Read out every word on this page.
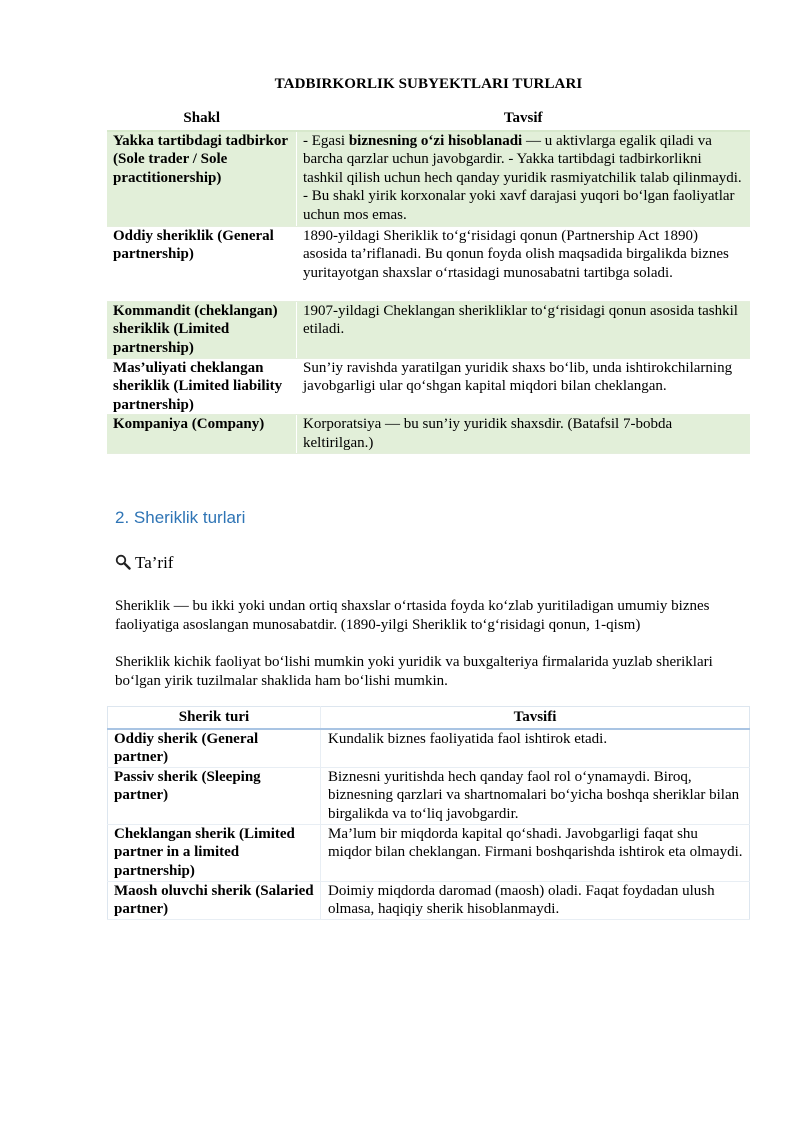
TADBIRKORLIK SUBYEKTLARI TURLARI
Shakl	Tavsif
Yakka tartibdagi tadbirkor (Sole trader / Sole practitionership)	- Egasi biznesning o‘zi hisoblanadi — u aktivlarga egalik qiladi va barcha qarzlar uchun javobgardir. - Yakka tartibdagi tadbirkorlikni tashkil qilish uchun hech qanday yuridik rasmiyatchilik talab qilinmaydi. - Bu shakl yirik korxonalar yoki xavf darajasi yuqori bo‘lgan faoliyatlar uchun mos emas.
Oddiy sheriklik (General partnership)	1890-yildagi Sheriklik to‘g‘risidagi qonun (Partnership Act 1890) asosida ta’riflanadi. Bu qonun foyda olish maqsadida birgalikda biznes yuritayotgan shaxslar o‘rtasidagi munosabatni tartibga soladi.
Kommandit (cheklangan) sheriklik (Limited partnership)	1907-yildagi Cheklangan sherikliklar to‘g‘risidagi qonun asosida tashkil etiladi.
Mas’uliyati cheklangan sheriklik (Limited liability partnership)	Sun’iy ravishda yaratilgan yuridik shaxs bo‘lib, unda ishtirokchilarning javobgarligi ular qo‘shgan kapital miqdori bilan cheklangan.
Kompaniya (Company)	Korporatsiya — bu sun’iy yuridik shaxsdir. (Batafsil 7-bobda keltirilgan.)
2. Sheriklik turlari
Ta’rif
Sheriklik — bu ikki yoki undan ortiq shaxslar o‘rtasida foyda ko‘zlab yuritiladigan umumiy biznes faoliyatiga asoslangan munosabatdir. (1890-yilgi Sheriklik to‘g‘risidagi qonun, 1-qism)
Sheriklik kichik faoliyat bo‘lishi mumkin yoki yuridik va buxgalteriya firmalarida yuzlab sheriklari bo‘lgan yirik tuzilmalar shaklida ham bo‘lishi mumkin.
Sherik turi	Tavsifi
Oddiy sherik (General partner)	Kundalik biznes faoliyatida faol ishtirok etadi.
Passiv sherik (Sleeping partner)	Biznesni yuritishda hech qanday faol rol o‘ynamaydi. Biroq, biznesning qarzlari va shartnomalari bo‘yicha boshqa sheriklar bilan birgalikda va to‘liq javobgardir.
Cheklangan sherik (Limited partner in a limited partnership)	Ma’lum bir miqdorda kapital qo‘shadi. Javobgarligi faqat shu miqdor bilan cheklangan. Firmani boshqarishda ishtirok eta olmaydi.
Maosh oluvchi sherik (Salaried partner)	Doimiy miqdorda daromad (maosh) oladi. Faqat foydadan ulush olmasa, haqiqiy sherik hisoblanmaydi.
